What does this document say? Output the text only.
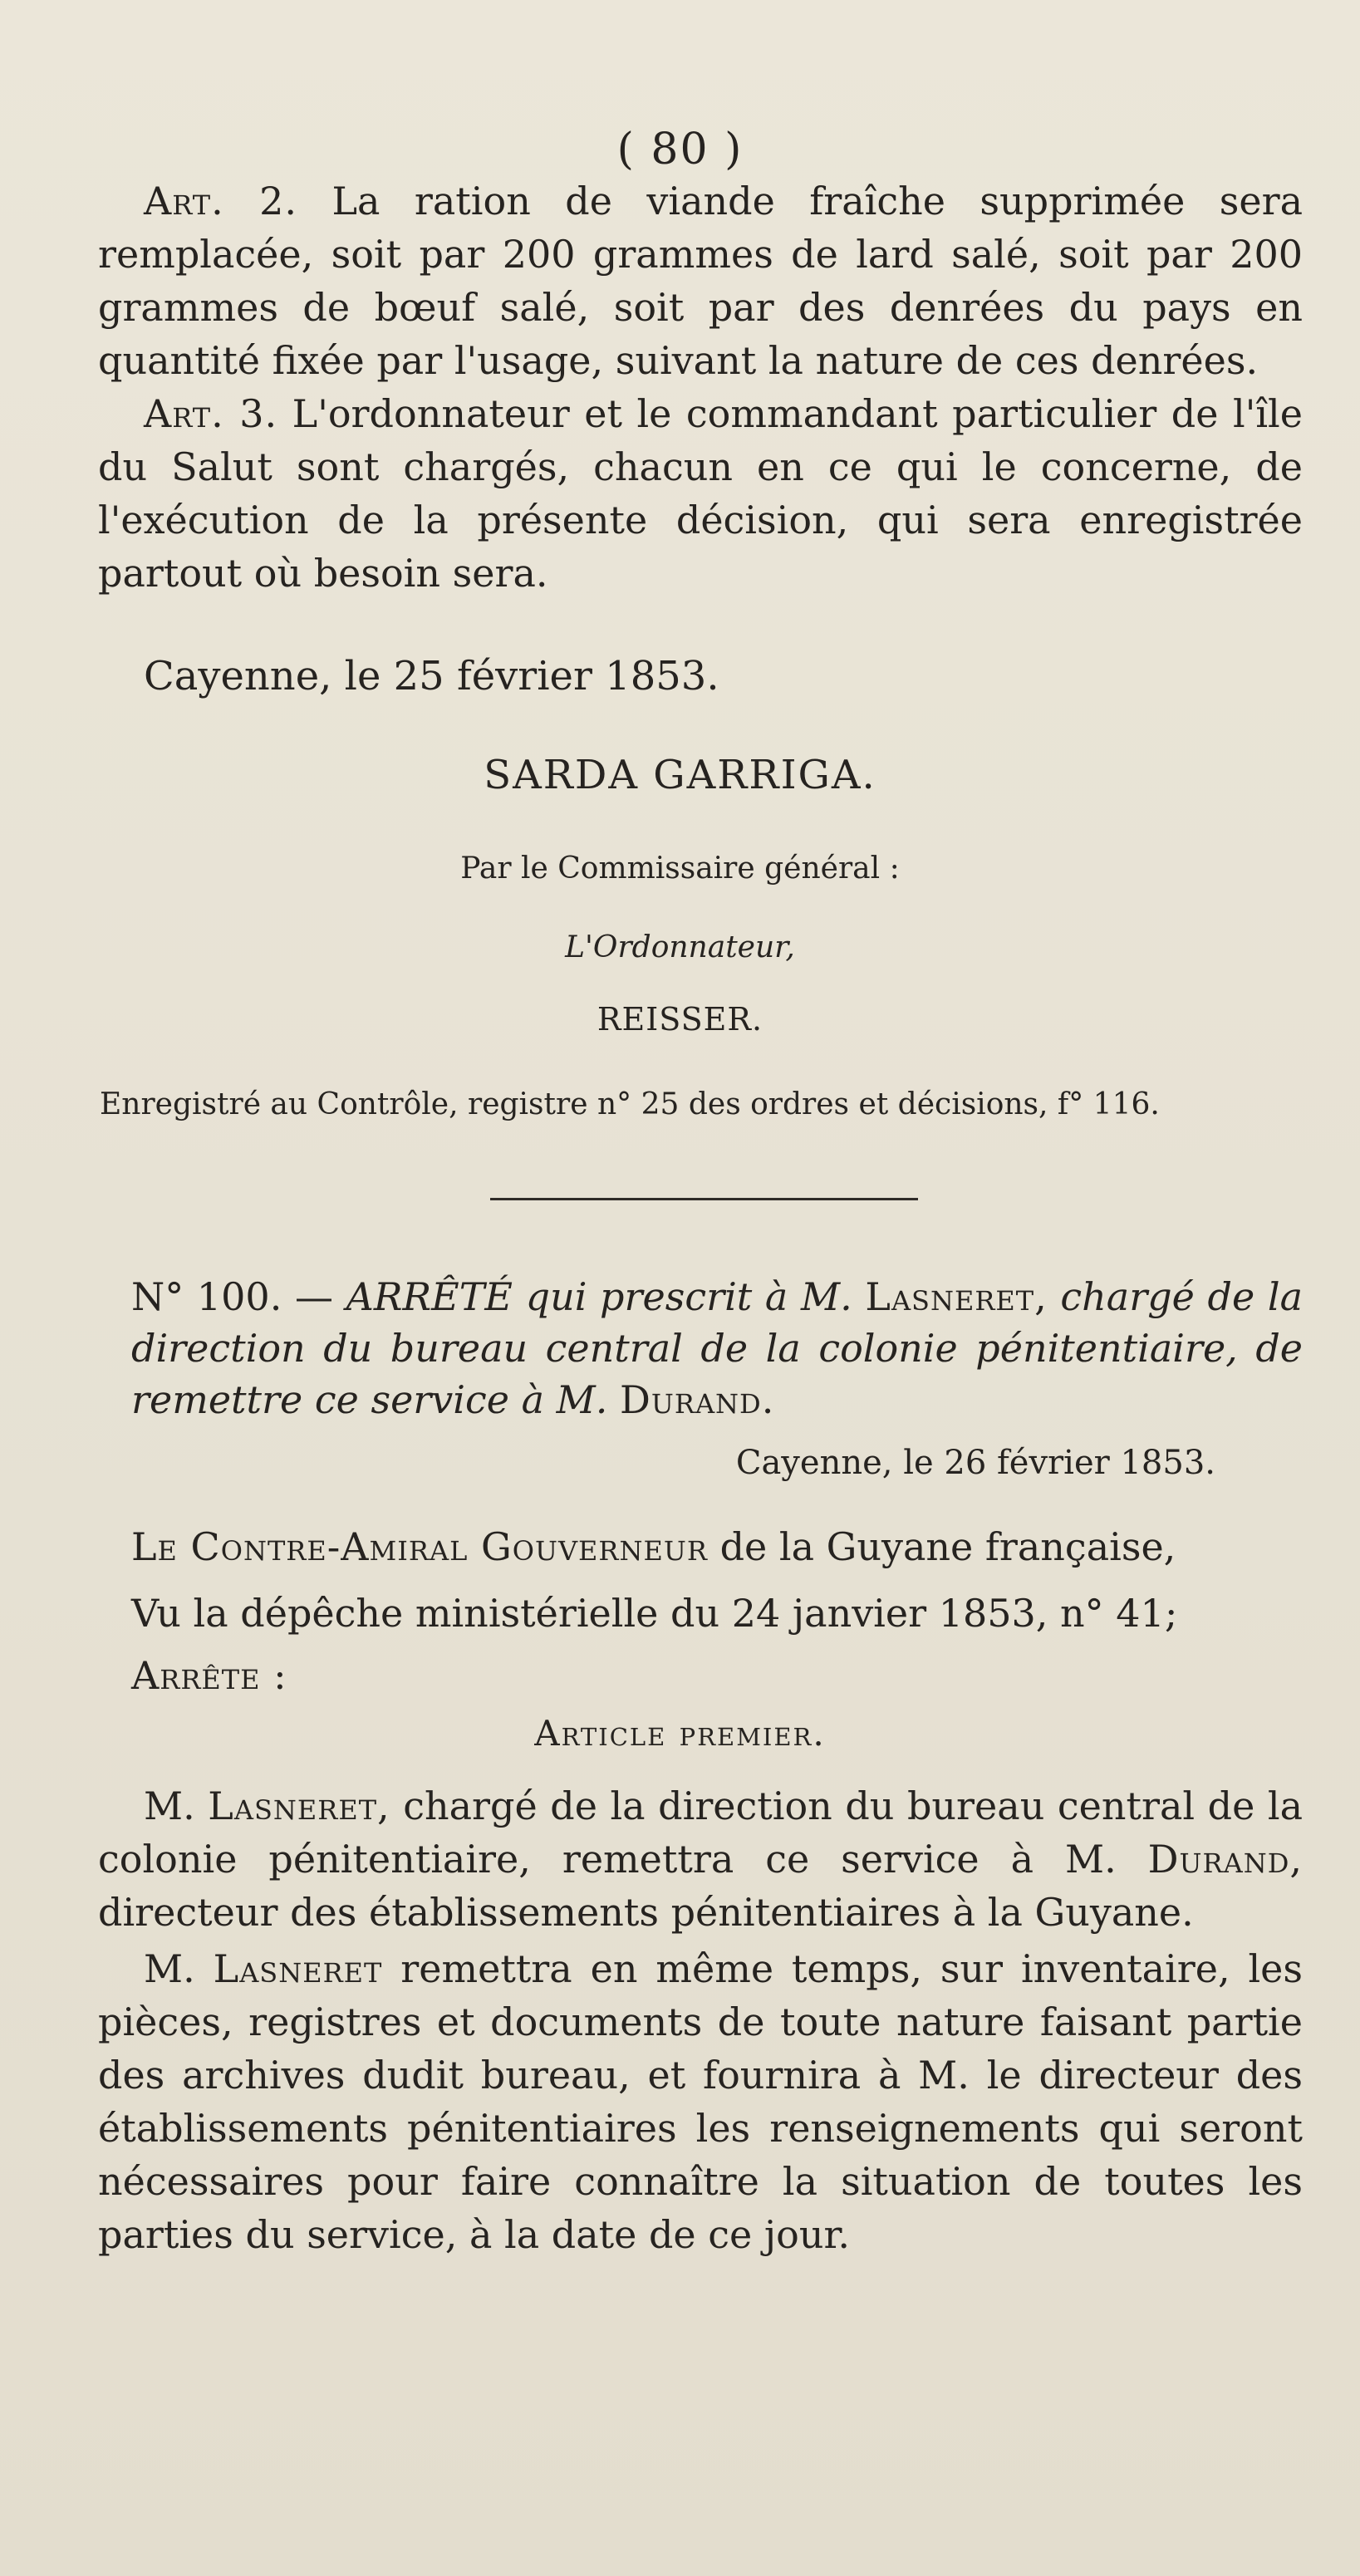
( 80 )

Art. 2. La ration de viande fraîche supprimée sera remplacée, soit par 200 grammes de lard salé, soit par 200 grammes de bœuf salé, soit par des denrées du pays en quantité fixée par l'usage, suivant la nature de ces denrées.

Art. 3. L'ordonnateur et le commandant particulier de l'île du Salut sont chargés, chacun en ce qui le concerne, de l'exécution de la présente décision, qui sera enregistrée partout où besoin sera.

Cayenne, le 25 février 1853.

SARDA GARRIGA.
Par le Commissaire général :
L'Ordonnateur,
REISSER.
Enregistré au Contrôle, registre n° 25 des ordres et décisions, f° 116.

N° 100. — ARRÊTÉ qui prescrit à M. Lasneret, chargé de la direction du bureau central de la colonie pénitentiaire, de remettre ce service à M. Durand.

Cayenne, le 26 février 1853.

Le Contre-Amiral Gouverneur de la Guyane française,

Vu la dépêche ministérielle du 24 janvier 1853, n° 41;

Arrête :

Article premier.

M. Lasneret, chargé de la direction du bureau central de la colonie pénitentiaire, remettra ce service à M. Durand, directeur des établissements pénitentiaires à la Guyane.

M. Lasneret remettra en même temps, sur inventaire, les pièces, registres et documents de toute nature faisant partie des archives dudit bureau, et fournira à M. le directeur des établissements pénitentiaires les renseignements qui seront nécessaires pour faire connaître la situation de toutes les parties du service, à la date de ce jour.
